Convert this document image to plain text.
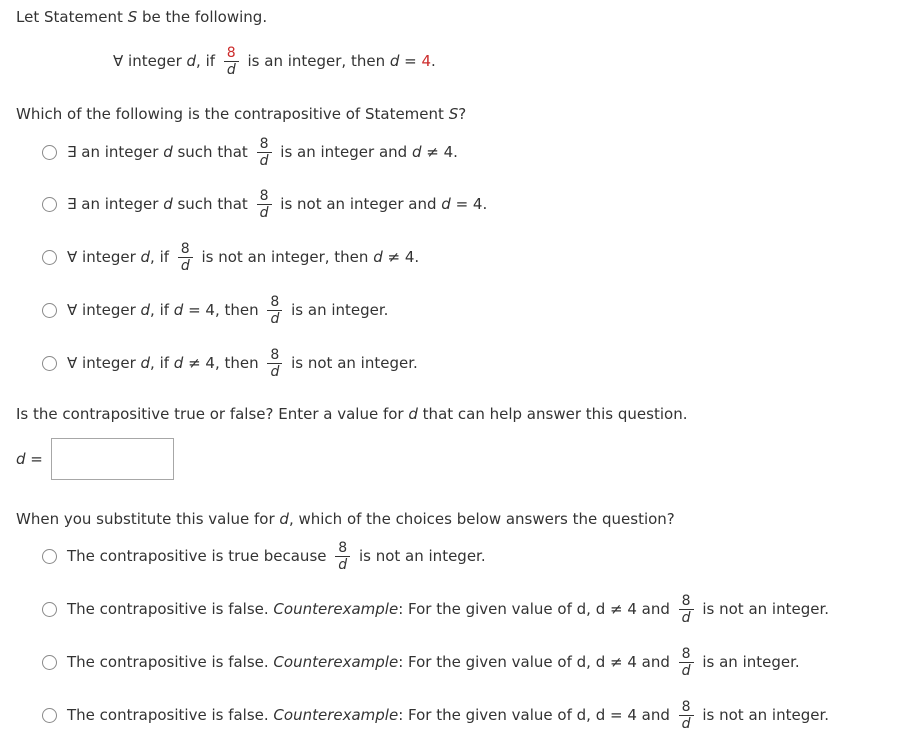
Let Statement S be the following.
∀ integer d, if $\frac{8}{d}$ is an integer, then d = 4.
Which of the following is the contrapositive of Statement S?
∃ an integer d such that $\frac{8}{d}$ is an integer and d ≠ 4.
∃ an integer d such that $\frac{8}{d}$ is not an integer and d = 4.
∀ integer d, if $\frac{8}{d}$ is not an integer, then d ≠ 4.
∀ integer d, if d = 4, then $\frac{8}{d}$ is an integer.
∀ integer d, if d ≠ 4, then $\frac{8}{d}$ is not an integer.
Is the contrapositive true or false? Enter a value for d that can help answer this question.
d =
When you substitute this value for d, which of the choices below answers the question?
The contrapositive is true because $\frac{8}{d}$ is not an integer.
The contrapositive is false. Counterexample: For the given value of d, d ≠ 4 and $\frac{8}{d}$ is not an integer.
The contrapositive is false. Counterexample: For the given value of d, d ≠ 4 and $\frac{8}{d}$ is an integer.
The contrapositive is false. Counterexample: For the given value of d, d = 4 and $\frac{8}{d}$ is not an integer.
